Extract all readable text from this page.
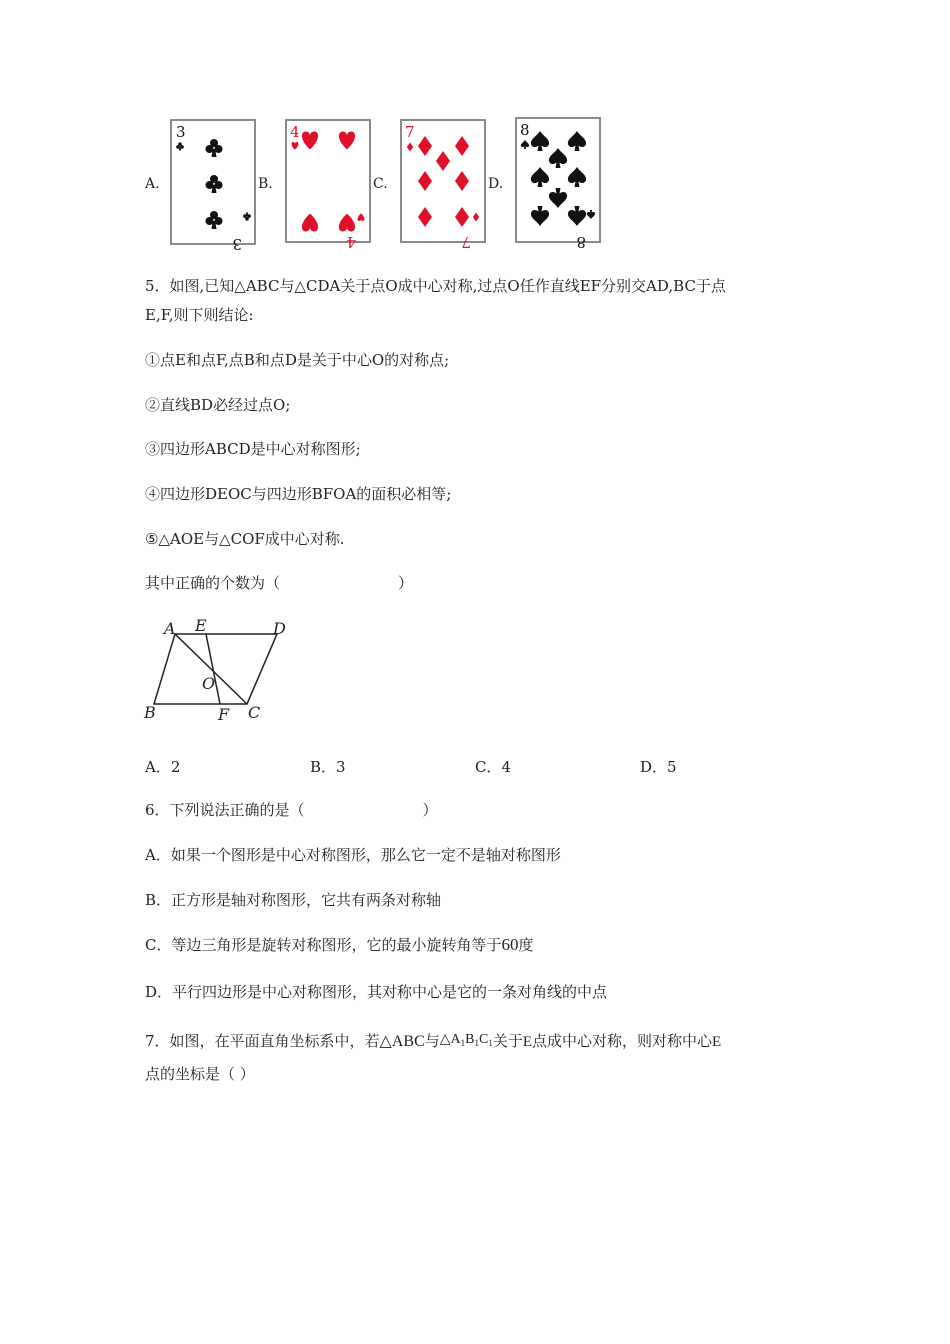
A.	B.	C.	D.
3
3
4
4
7
7
8
8
5．如图,已知△ABC与△CDA关于点O成中心对称,过点O任作直线EF分别交AD,BC于点
E,F,则下则结论:
①点E和点F,点B和点D是关于中心O的对称点;
②直线BD必经过点O;
③四边形ABCD是中心对称图形;
④四边形DEOC与四边形BFOA的面积必相等;
⑤△AOE与△COF成中心对称.
其中正确的个数为（	）
A E	D
O
B	F C
A．2	B．3	C．4	D．5
6．下列说法正确的是（	）
A．如果一个图形是中心对称图形，那么它一定不是轴对称图形
B．正方形是轴对称图形，它共有两条对称轴
C．等边三角形是旋转对称图形，它的最小旋转角等于60度
D．平行四边形是中心对称图形，其对称中心是它的一条对角线的中点
7．如图，在平面直角坐标系中，若△ABC与$\triangle A_1B_1C_1$关于E点成中心对称，则对称中心E
点的坐标是（ ）
